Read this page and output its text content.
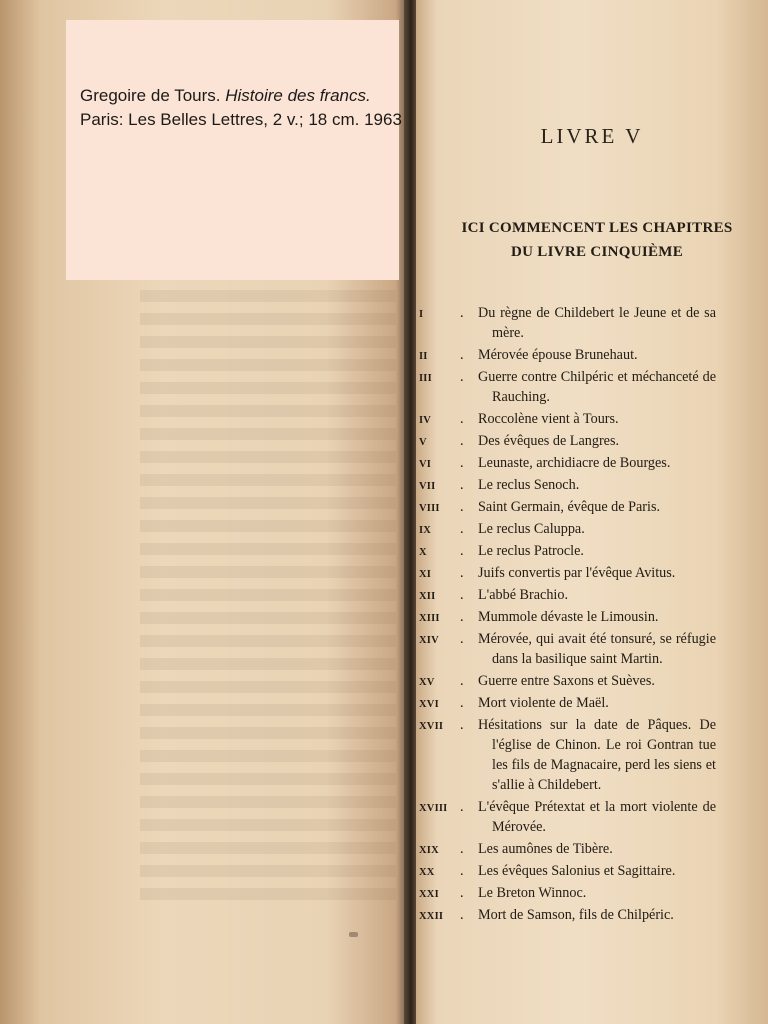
Gregoire de Tours. Histoire des francs.

Paris: Les Belles Lettres, 2 v.; 18 cm. 1963

LIVRE V
ICI COMMENCENT LES CHAPITRES
DU LIVRE CINQUIÈME
I	. Du règne de Childebert le Jeune et de sa mère.
II . Mérovée épouse Brunehaut.
III . Guerre contre Chilpéric et méchanceté de Rauching.
IV . Roccolène vient à Tours.
V . Des évêques de Langres.
VI . Leunaste, archidiacre de Bourges.
VII . Le reclus Senoch.
VIII . Saint Germain, évêque de Paris.
IX . Le reclus Caluppa.
X . Le reclus Patrocle.
XI . Juifs convertis par l'évêque Avitus.
XII . L'abbé Brachio.
XIII . Mummole dévaste le Limousin.
XIV . Mérovée, qui avait été tonsuré, se réfugie dans la basilique saint Martin.
XV . Guerre entre Saxons et Suèves.
XVI . Mort violente de Maël.
XVII . Hésitations sur la date de Pâques. De l'église de Chinon. Le roi Gontran tue les fils de Magnacaire, perd les siens et s'allie à Childebert.
XVIII . L'évêque Prétextat et la mort violente de Mérovée.
XIX . Les aumônes de Tibère.
XX . Les évêques Salonius et Sagittaire.
XXI . Le Breton Winnoc.
XXII . Mort de Samson, fils de Chilpéric.
